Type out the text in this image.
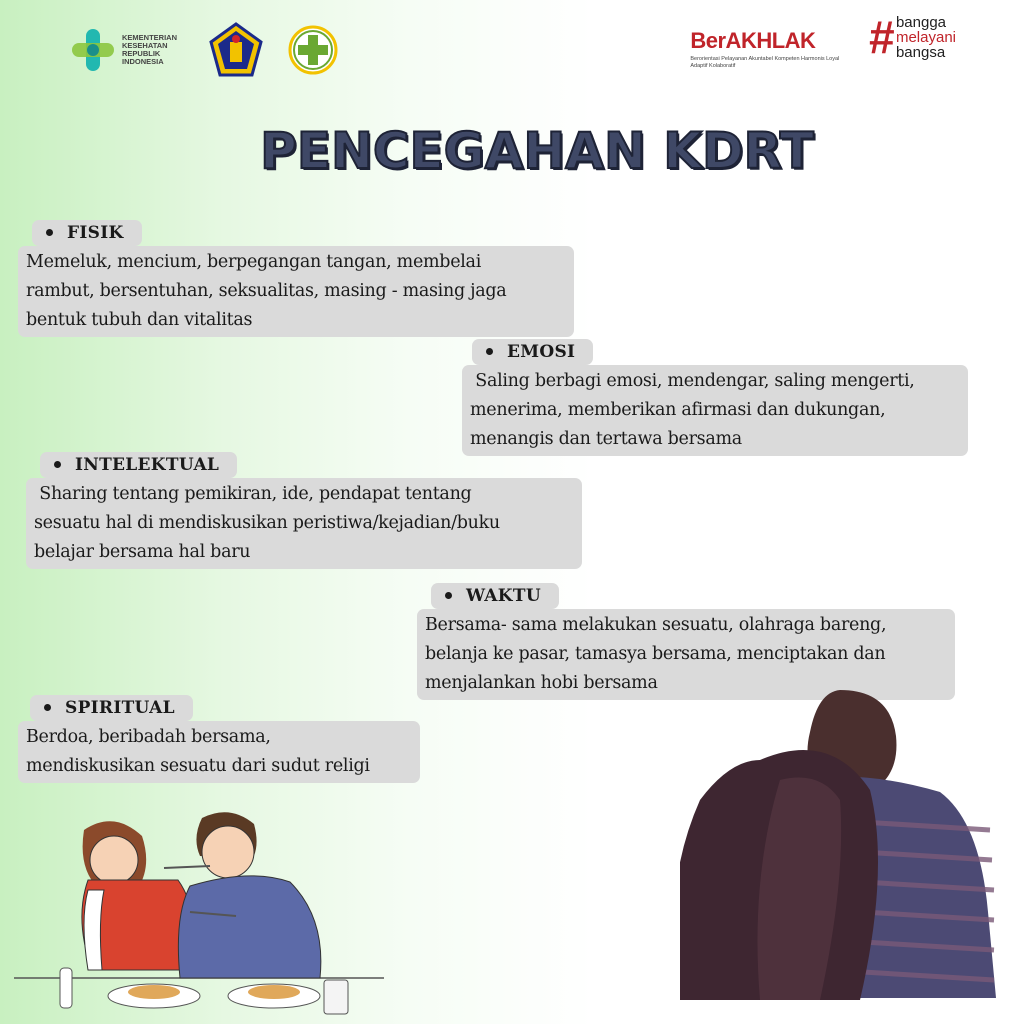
KEMENTERIAN
KESEHATAN
REPUBLIK
INDONESIA
BerAKHLAK
Berorientasi Pelayanan Akuntabel Kompeten Harmonis Loyal Adaptif Kolaboratif
# bangga
melayani
bangsa
PENCEGAHAN KDRT
FISIK
Memeluk, mencium, berpegangan tangan, membelai
rambut, bersentuhan, seksualitas, masing - masing jaga
bentuk tubuh dan vitalitas
EMOSI
Saling berbagi emosi, mendengar, saling mengerti,
menerima, memberikan afirmasi dan dukungan,
menangis dan tertawa bersama
INTELEKTUAL
Sharing tentang pemikiran, ide, pendapat tentang
sesuatu hal di mendiskusikan peristiwa/kejadian/buku
belajar bersama hal baru
WAKTU
Bersama- sama melakukan sesuatu, olahraga bareng,
belanja ke pasar, tamasya bersama, menciptakan dan
menjalankan hobi bersama
SPIRITUAL
Berdoa, beribadah bersama,
mendiskusikan sesuatu dari sudut religi
